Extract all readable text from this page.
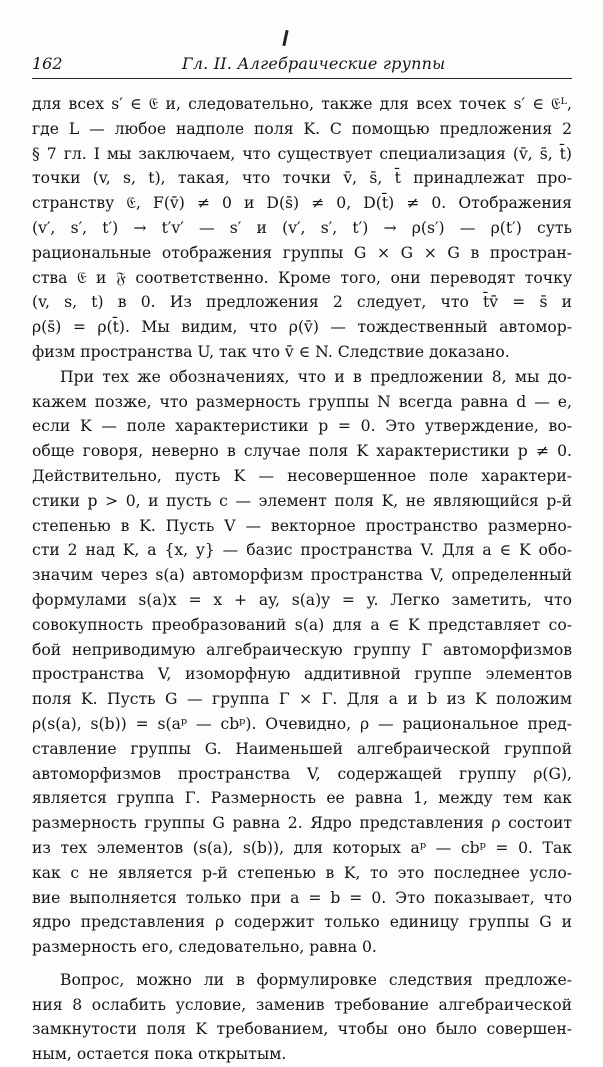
162	Гл. II. Алгебраические группы
для всех s′ ∈ 𝔈 и, следовательно, также для всех точек s′ ∈ 𝔈ᴸ,
где L — любое надполе поля K. С помощью предложения 2
§ 7 гл. I мы заключаем, что существует специализация (v̄, s̄, t̄)
точки (v, s, t), такая, что точки v̄, s̄, t̄ принадлежат про-
странству 𝔈, F(v̄) ≠ 0 и D(s̄) ≠ 0, D(t̄) ≠ 0. Отображения
(v′, s′, t′) → t′v′ — s′ и (v′, s′, t′) → ρ(s′) — ρ(t′) суть
рациональные отображения группы G × G × G в простран-
ства 𝔈 и 𝔉 соответственно. Кроме того, они переводят точку
(v, s, t) в 0. Из предложения 2 следует, что t̄v̄ = s̄ и
ρ(s̄) = ρ(t̄). Мы видим, что ρ(v̄) — тождественный автомор-
физм пространства U, так что v̄ ∈ N. Следствие доказано.
При тех же обозначениях, что и в предложении 8, мы до-
кажем позже, что размерность группы N всегда равна d — e,
если K — поле характеристики p = 0. Это утверждение, во-
обще говоря, неверно в случае поля K характеристики p ≠ 0.
Действительно, пусть K — несовершенное поле характери-
стики p > 0, и пусть c — элемент поля K, не являющийся p-й
степенью в K. Пусть V — векторное пространство размерно-
сти 2 над K, а {x, y} — базис пространства V. Для a ∈ K обо-
значим через s(a) автоморфизм пространства V, определенный
формулами s(a)x = x + ay, s(a)y = y. Легко заметить, что
совокупность преобразований s(a) для a ∈ K представляет со-
бой неприводимую алгебраическую группу Γ автоморфизмов
пространства V, изоморфную аддитивной группе элементов
поля K. Пусть G — группа Γ × Γ. Для a и b из K положим
ρ(s(a), s(b)) = s(aᵖ — cbᵖ). Очевидно, ρ — рациональное пред-
ставление группы G. Наименьшей алгебраической группой
автоморфизмов пространства V, содержащей группу ρ(G),
является группа Γ. Размерность ее равна 1, между тем как
размерность группы G равна 2. Ядро представления ρ состоит
из тех элементов (s(a), s(b)), для которых aᵖ — cbᵖ = 0. Так
как c не является p-й степенью в K, то это последнее усло-
вие выполняется только при a = b = 0. Это показывает, что
ядро представления ρ содержит только единицу группы G и
размерность его, следовательно, равна 0.
Вопрос, можно ли в формулировке следствия предложе-
ния 8 ослабить условие, заменив требование алгебраической
замкнутости поля K требованием, чтобы оно было совершен-
ным, остается пока открытым.
